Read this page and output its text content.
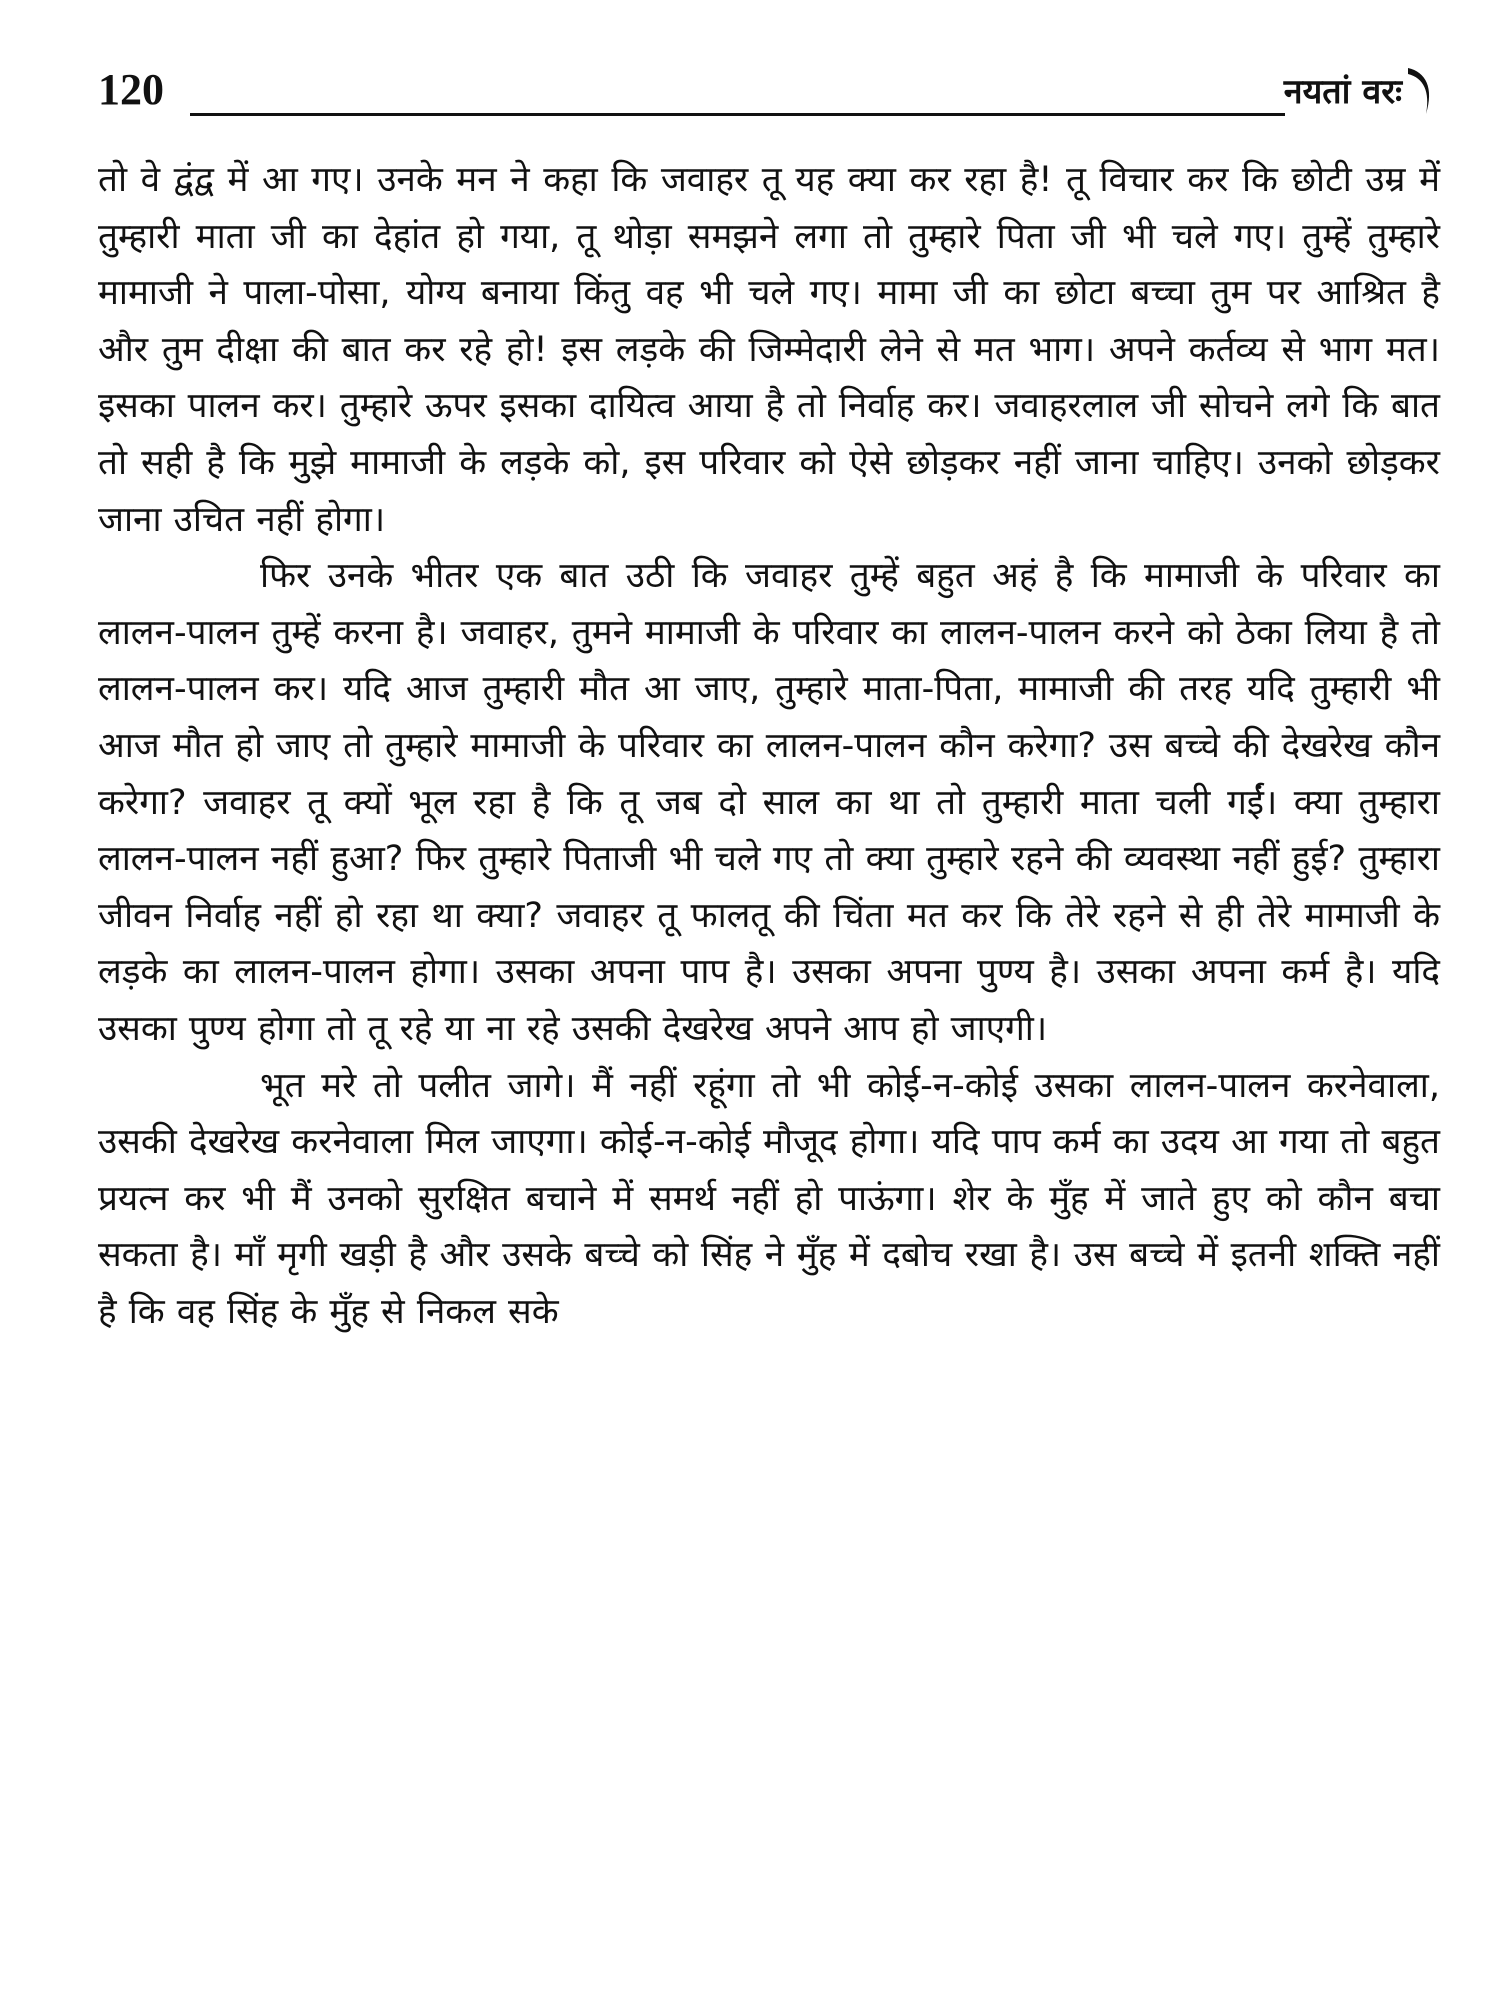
120	नयतां वरः

तो वे द्वंद्व में आ गए। उनके मन ने कहा कि जवाहर तू यह क्या कर रहा है! तू विचार कर कि छोटी उम्र में तुम्हारी माता जी का देहांत हो गया, तू थोड़ा समझने लगा तो तुम्हारे पिता जी भी चले गए। तुम्हें तुम्हारे मामाजी ने पाला-पोसा, योग्य बनाया किंतु वह भी चले गए। मामा जी का छोटा बच्चा तुम पर आश्रित है और तुम दीक्षा की बात कर रहे हो! इस लड़के की जिम्मेदारी लेने से मत भाग। अपने कर्तव्य से भाग मत। इसका पालन कर। तुम्हारे ऊपर इसका दायित्व आया है तो निर्वाह कर। जवाहरलाल जी सोचने लगे कि बात तो सही है कि मुझे मामाजी के लड़के को, इस परिवार को ऐसे छोड़कर नहीं जाना चाहिए। उनको छोड़कर जाना उचित नहीं होगा।

फिर उनके भीतर एक बात उठी कि जवाहर तुम्हें बहुत अहं है कि मामाजी के परिवार का लालन-पालन तुम्हें करना है। जवाहर, तुमने मामाजी के परिवार का लालन-पालन करने को ठेका लिया है तो लालन-पालन कर। यदि आज तुम्हारी मौत आ जाए, तुम्हारे माता-पिता, मामाजी की तरह यदि तुम्हारी भी आज मौत हो जाए तो तुम्हारे मामाजी के परिवार का लालन-पालन कौन करेगा? उस बच्चे की देखरेख कौन करेगा? जवाहर तू क्यों भूल रहा है कि तू जब दो साल का था तो तुम्हारी माता चली गईं। क्या तुम्हारा लालन-पालन नहीं हुआ? फिर तुम्हारे पिताजी भी चले गए तो क्या तुम्हारे रहने की व्यवस्था नहीं हुई? तुम्हारा जीवन निर्वाह नहीं हो रहा था क्या? जवाहर तू फालतू की चिंता मत कर कि तेरे रहने से ही तेरे मामाजी के लड़के का लालन-पालन होगा। उसका अपना पाप है। उसका अपना पुण्य है। उसका अपना कर्म है। यदि उसका पुण्य होगा तो तू रहे या ना रहे उसकी देखरेख अपने आप हो जाएगी।

भूत मरे तो पलीत जागे। मैं नहीं रहूंगा तो भी कोई-न-कोई उसका लालन-पालन करनेवाला, उसकी देखरेख करनेवाला मिल जाएगा। कोई-न-कोई मौजूद होगा। यदि पाप कर्म का उदय आ गया तो बहुत प्रयत्न कर भी मैं उनको सुरक्षित बचाने में समर्थ नहीं हो पाऊंगा। शेर के मुँह में जाते हुए को कौन बचा सकता है। माँ मृगी खड़ी है और उसके बच्चे को सिंह ने मुँह में दबोच रखा है। उस बच्चे में इतनी शक्ति नहीं है कि वह सिंह के मुँह से निकल सके
